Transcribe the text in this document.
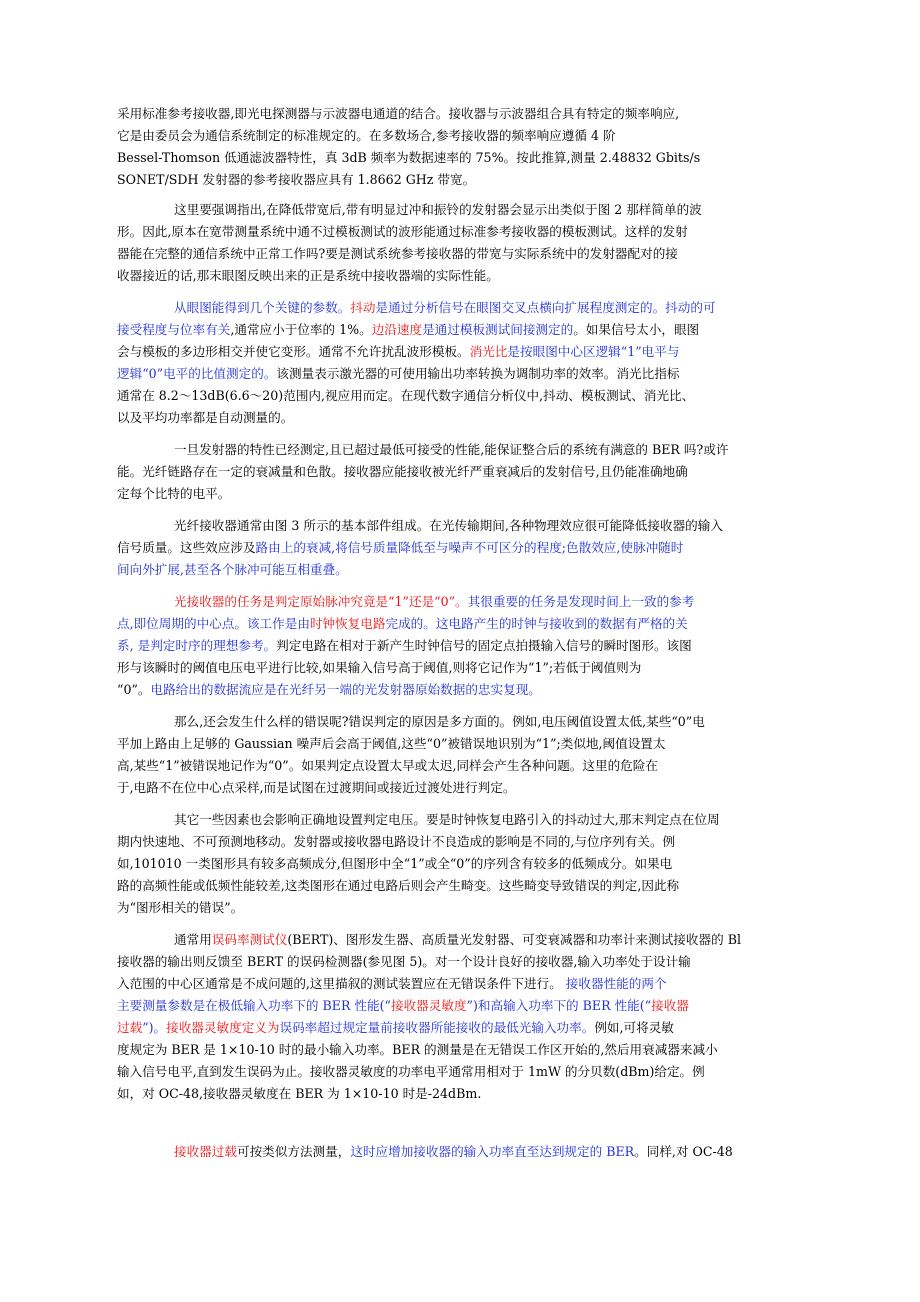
采用标准参考接收器,即光电探测器与示波器电通道的结合。接收器与示波器组合具有特定的频率响应,
它是由委员会为通信系统制定的标准规定的。在多数场合,参考接收器的频率响应遵循 4 阶
Bessel-Thomson 低通滤波器特性，真 3dB 频率为数据速率的 75%。按此推算,测量 2.48832 Gbits/s
SONET/SDH 发射器的参考接收器应具有 1.8662 GHz 带宽。
这里要强调指出,在降低带宽后,带有明显过冲和振铃的发射器会显示出类似于图 2 那样简单的波
形。因此,原本在宽带测量系统中通不过模板测试的波形能通过标准参考接收器的模板测试。这样的发射
器能在完整的通信系统中正常工作吗?要是测试系统参考接收器的带宽与实际系统中的发射器配对的接
收器接近的话,那末眼图反映出来的正是系统中接收器端的实际性能。
从眼图能得到几个关键的参数。抖动是通过分析信号在眼图交叉点横向扩展程度测定的。抖动的可
接受程度与位率有关,通常应小于位率的 1%。边沿速度是通过模板测试间接测定的。如果信号太小，眼图
会与模板的多边形相交并使它变形。通常不允许扰乱波形模板。消光比是按眼图中心区逻辑“1”电平与
逻辑“0”电平的比值测定的。该测量表示激光器的可使用输出功率转换为调制功率的效率。消光比指标
通常在 8.2～13dB(6.6～20)范围内,视应用而定。在现代数字通信分析仪中,抖动、模板测试、消光比、
以及平均功率都是自动测量的。
一旦发射器的特性已经测定,且已超过最低可接受的性能,能保证整合后的系统有满意的 BER 吗?或许
能。光纤链路存在一定的衰减量和色散。接收器应能接收被光纤严重衰减后的发射信号,且仍能准确地确
定每个比特的电平。
光纤接收器通常由图 3 所示的基本部件组成。在光传输期间,各种物理效应很可能降低接收器的输入
信号质量。这些效应涉及路由上的衰减,将信号质量降低至与噪声不可区分的程度;色散效应,使脉冲随时
间向外扩展,甚至各个脉冲可能互相重叠。
光接收器的任务是判定原始脉冲究竟是“1”还是“0”。其很重要的任务是发现时间上一致的参考
点,即位周期的中心点。该工作是由时钟恢复电路完成的。这电路产生的时钟与接收到的数据有严格的关
系, 是判定时序的理想参考。判定电路在相对于新产生时钟信号的固定点拍摄输入信号的瞬时图形。该图
形与该瞬时的阈值电压电平进行比较,如果输入信号高于阈值,则将它记作为“1”;若低于阈值则为
“0”。电路给出的数据流应是在光纤另一端的光发射器原始数据的忠实复现。
那么,还会发生什么样的错误呢?错误判定的原因是多方面的。例如,电压阈值设置太低,某些“0”电
平加上路由上足够的 Gaussian 噪声后会高于阈值,这些“0”被错误地识别为“1”;类似地,阈值设置太
高,某些“1”被错误地记作为“0”。如果判定点设置太早或太迟,同样会产生各种问题。这里的危险在
于,电路不在位中心点采样,而是试图在过渡期间或接近过渡处进行判定。
其它一些因素也会影响正确地设置判定电压。要是时钟恢复电路引入的抖动过大,那末判定点在位周
期内快速地、不可预测地移动。发射器或接收器电路设计不良造成的影响是不同的,与位序列有关。例
如,101010 一类图形具有较多高频成分,但图形中全“1”或全“0”的序列含有较多的低频成分。如果电
路的高频性能或低频性能较差,这类图形在通过电路后则会产生畸变。这些畸变导致错误的判定,因此称
为“图形相关的错误”。
通常用误码率测试仪(BERT)、图形发生器、高质量光发射器、可变衰减器和功率计来测试接收器的 Bl
接收器的输出则反馈至 BERT 的误码检测器(参见图 5)。对一个设计良好的接收器,输入功率处于设计输
入范围的中心区通常是不成问题的,这里描叙的测试装置应在无错误条件下进行。 接收器性能的两个
主要测量参数是在极低输入功率下的 BER 性能(“接收器灵敏度”)和高输入功率下的 BER 性能(“接收器
过载”)。接收器灵敏度定义为误码率超过规定量前接收器所能接收的最低光输入功率。例如,可将灵敏
度规定为 BER 是 1×10-10 时的最小输入功率。BER 的测量是在无错误工作区开始的,然后用衰减器来减小
输入信号电平,直到发生误码为止。接收器灵敏度的功率电平通常用相对于 1mW 的分贝数(dBm)给定。例
如，对 OC-48,接收器灵敏度在 BER 为 1×10-10 时是-24dBm.
接收器过载可按类似方法测量，这时应增加接收器的输入功率直至达到规定的 BER。同样,对 OC-48
